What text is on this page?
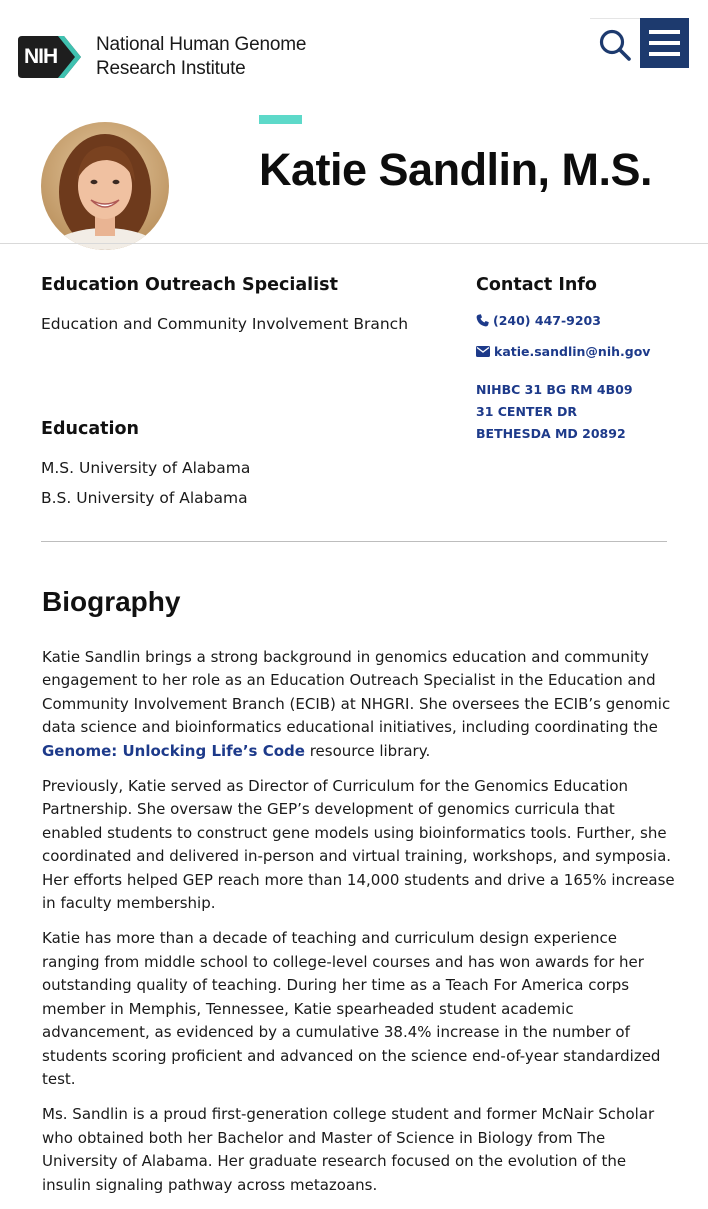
NIH
National Human Genome
Research Institute
Katie Sandlin, M.S.
Education Outreach Specialist
Education and Community Involvement Branch
Education
M.S. University of Alabama
B.S. University of Alabama
Contact Info
(240) 447-9203
katie.sandlin@nih.gov
NIHBC 31 BG RM 4B09
31 CENTER DR
BETHESDA MD 20892
Biography

Katie Sandlin brings a strong background in genomics education and community engagement to her role as an Education Outreach Specialist in the Education and Community Involvement Branch (ECIB) at NHGRI. She oversees the ECIB’s genomic data science and bioinformatics educational initiatives, including coordinating the Genome: Unlocking Life’s Code resource library.

Previously, Katie served as Director of Curriculum for the Genomics Education Partnership. She oversaw the GEP’s development of genomics curricula that enabled students to construct gene models using bioinformatics tools. Further, she coordinated and delivered in-person and virtual training, workshops, and symposia. Her efforts helped GEP reach more than 14,000 students and drive a 165% increase in faculty membership.

Katie has more than a decade of teaching and curriculum design experience ranging from middle school to college-level courses and has won awards for her outstanding quality of teaching. During her time as a Teach For America corps member in Memphis, Tennessee, Katie spearheaded student academic advancement, as evidenced by a cumulative 38.4% increase in the number of students scoring proficient and advanced on the science end-of-year standardized test.

Ms. Sandlin is a proud first-generation college student and former McNair Scholar who obtained both her Bachelor and Master of Science in Biology from The University of Alabama. Her graduate research focused on the evolution of the insulin signaling pathway across metazoans.
